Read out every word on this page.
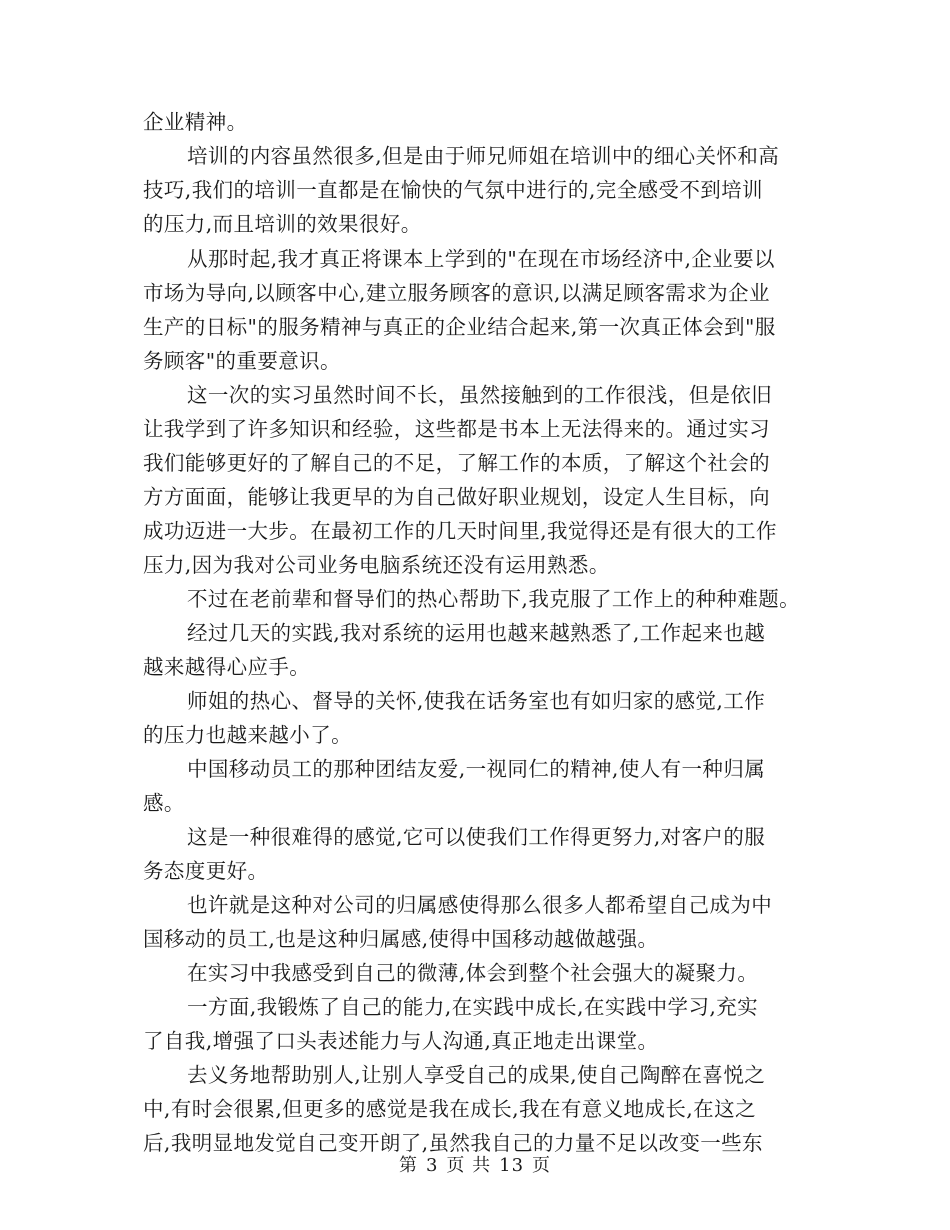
企业精神。
培训的内容虽然很多,但是由于师兄师姐在培训中的细心关怀和高
技巧,我们的培训一直都是在愉快的气氛中进行的,完全感受不到培训
的压力,而且培训的效果很好。
从那时起,我才真正将课本上学到的"在现在市场经济中,企业要以
市场为导向,以顾客中心,建立服务顾客的意识,以满足顾客需求为企业
生产的日标"的服务精神与真正的企业结合起来,第一次真正体会到"服
务顾客"的重要意识。
这一次的实习虽然时间不长，虽然接触到的工作很浅，但是依旧
让我学到了许多知识和经验，这些都是书本上无法得来的。通过实习
我们能够更好的了解自己的不足，了解工作的本质，了解这个社会的
方方面面，能够让我更早的为自己做好职业规划，设定人生目标，向
成功迈进一大步。在最初工作的几天时间里,我觉得还是有很大的工作
压力,因为我对公司业务电脑系统还没有运用熟悉。
不过在老前辈和督导们的热心帮助下,我克服了工作上的种种难题。
经过几天的实践,我对系统的运用也越来越熟悉了,工作起来也越
越来越得心应手。
师姐的热心、督导的关怀,使我在话务室也有如归家的感觉,工作
的压力也越来越小了。
中国移动员工的那种团结友爱,一视同仁的精神,使人有一种归属
感。
这是一种很难得的感觉,它可以使我们工作得更努力,对客户的服
务态度更好。
也许就是这种对公司的归属感使得那么很多人都希望自己成为中
国移动的员工,也是这种归属感,使得中国移动越做越强。
在实习中我感受到自己的微薄,体会到整个社会强大的凝聚力。
一方面,我锻炼了自己的能力,在实践中成长,在实践中学习,充实
了自我,增强了口头表述能力与人沟通,真正地走出课堂。
去义务地帮助别人,让别人享受自己的成果,使自己陶醉在喜悦之
中,有时会很累,但更多的感觉是我在成长,我在有意义地成长,在这之
后,我明显地发觉自己变开朗了,虽然我自己的力量不足以改变一些东
第 3 页 共 13 页
